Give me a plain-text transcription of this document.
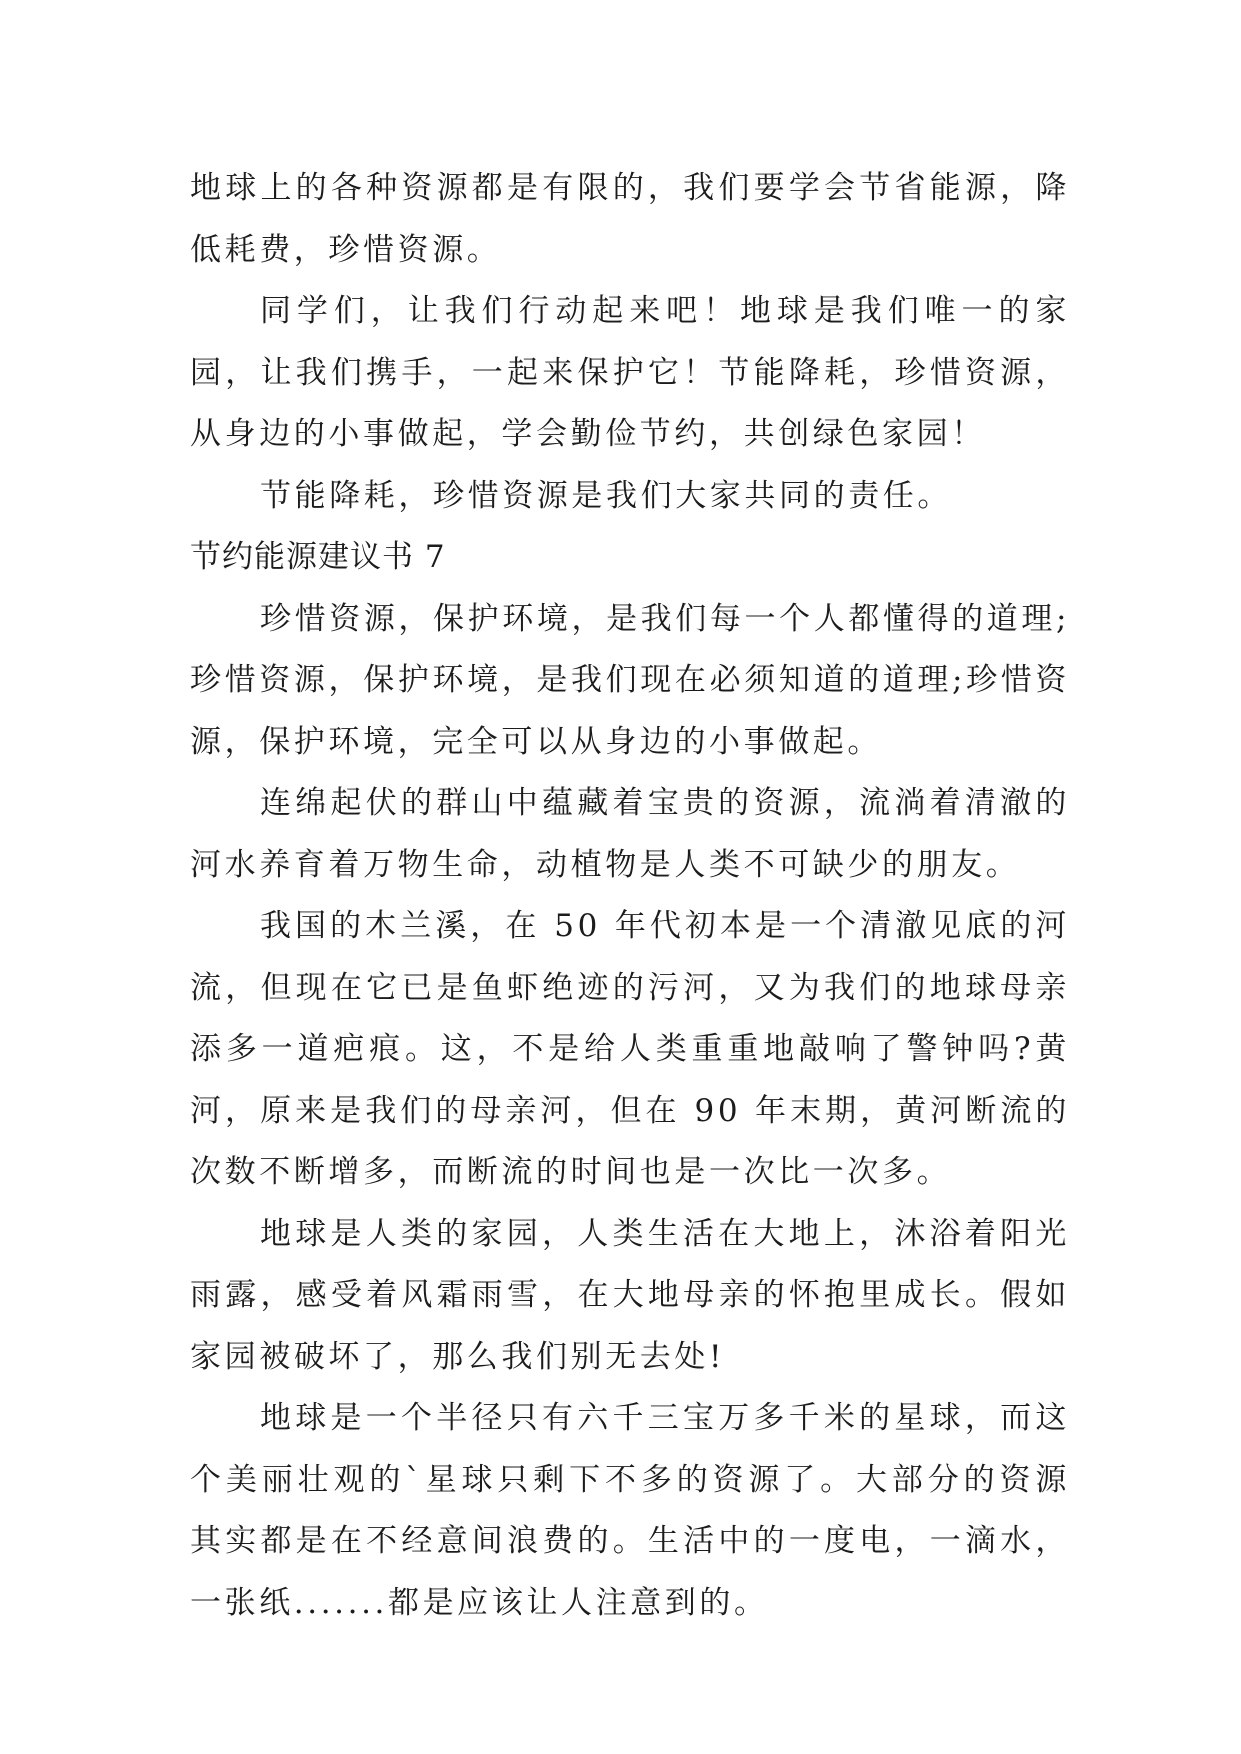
地球上的各种资源都是有限的，我们要学会节省能源，降低耗费，珍惜资源。

同学们，让我们行动起来吧！地球是我们唯一的家园，让我们携手，一起来保护它！节能降耗，珍惜资源，从身边的小事做起，学会勤俭节约，共创绿色家园！

节能降耗，珍惜资源是我们大家共同的责任。

节约能源建议书 7

珍惜资源，保护环境，是我们每一个人都懂得的道理;珍惜资源，保护环境，是我们现在必须知道的道理;珍惜资源，保护环境，完全可以从身边的小事做起。

连绵起伏的群山中蕴藏着宝贵的资源，流淌着清澈的河水养育着万物生命，动植物是人类不可缺少的朋友。

我国的木兰溪，在 50 年代初本是一个清澈见底的河流，但现在它已是鱼虾绝迹的污河，又为我们的地球母亲添多一道疤痕。这，不是给人类重重地敲响了警钟吗?黄河，原来是我们的母亲河，但在 90 年末期，黄河断流的次数不断增多，而断流的时间也是一次比一次多。

地球是人类的家园，人类生活在大地上，沐浴着阳光雨露，感受着风霜雨雪，在大地母亲的怀抱里成长。假如家园被破坏了，那么我们别无去处!

地球是一个半径只有六千三宝万多千米的星球，而这个美丽壮观的`星球只剩下不多的资源了。大部分的资源其实都是在不经意间浪费的。生活中的一度电，一滴水，一张纸.......都是应该让人注意到的。
